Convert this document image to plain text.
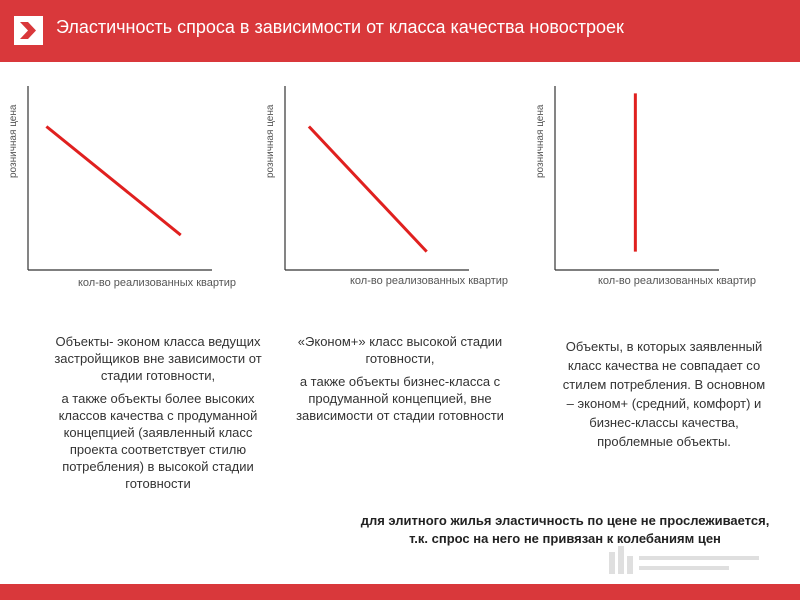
Эластичность спроса в зависимости от класса качества новостроек
розничная цена
кол-во реализованных квартир
розничная цена
кол-во реализованных квартир
розничная цена
кол-во реализованных квартир

Объекты- эконом класса ведущих застройщиков вне зависимости от стадии готовности,

а также объекты более высоких классов качества с продуманной концепцией (заявленный класс проекта соответствует стилю потребления) в высокой стадии готовности

«Эконом+» класс высокой стадии готовности,

а также объекты бизнес-класса с продуманной концепцией, вне зависимости от стадии готовности

Объекты, в которых заявленный класс качества не совпадает со стилем потребления. В основном – эконом+ (средний, комфорт) и бизнес-классы качества, проблемные объекты.

для элитного жилья эластичность по цене не прослеживается, т.к. спрос на него не привязан к колебаниям цен
